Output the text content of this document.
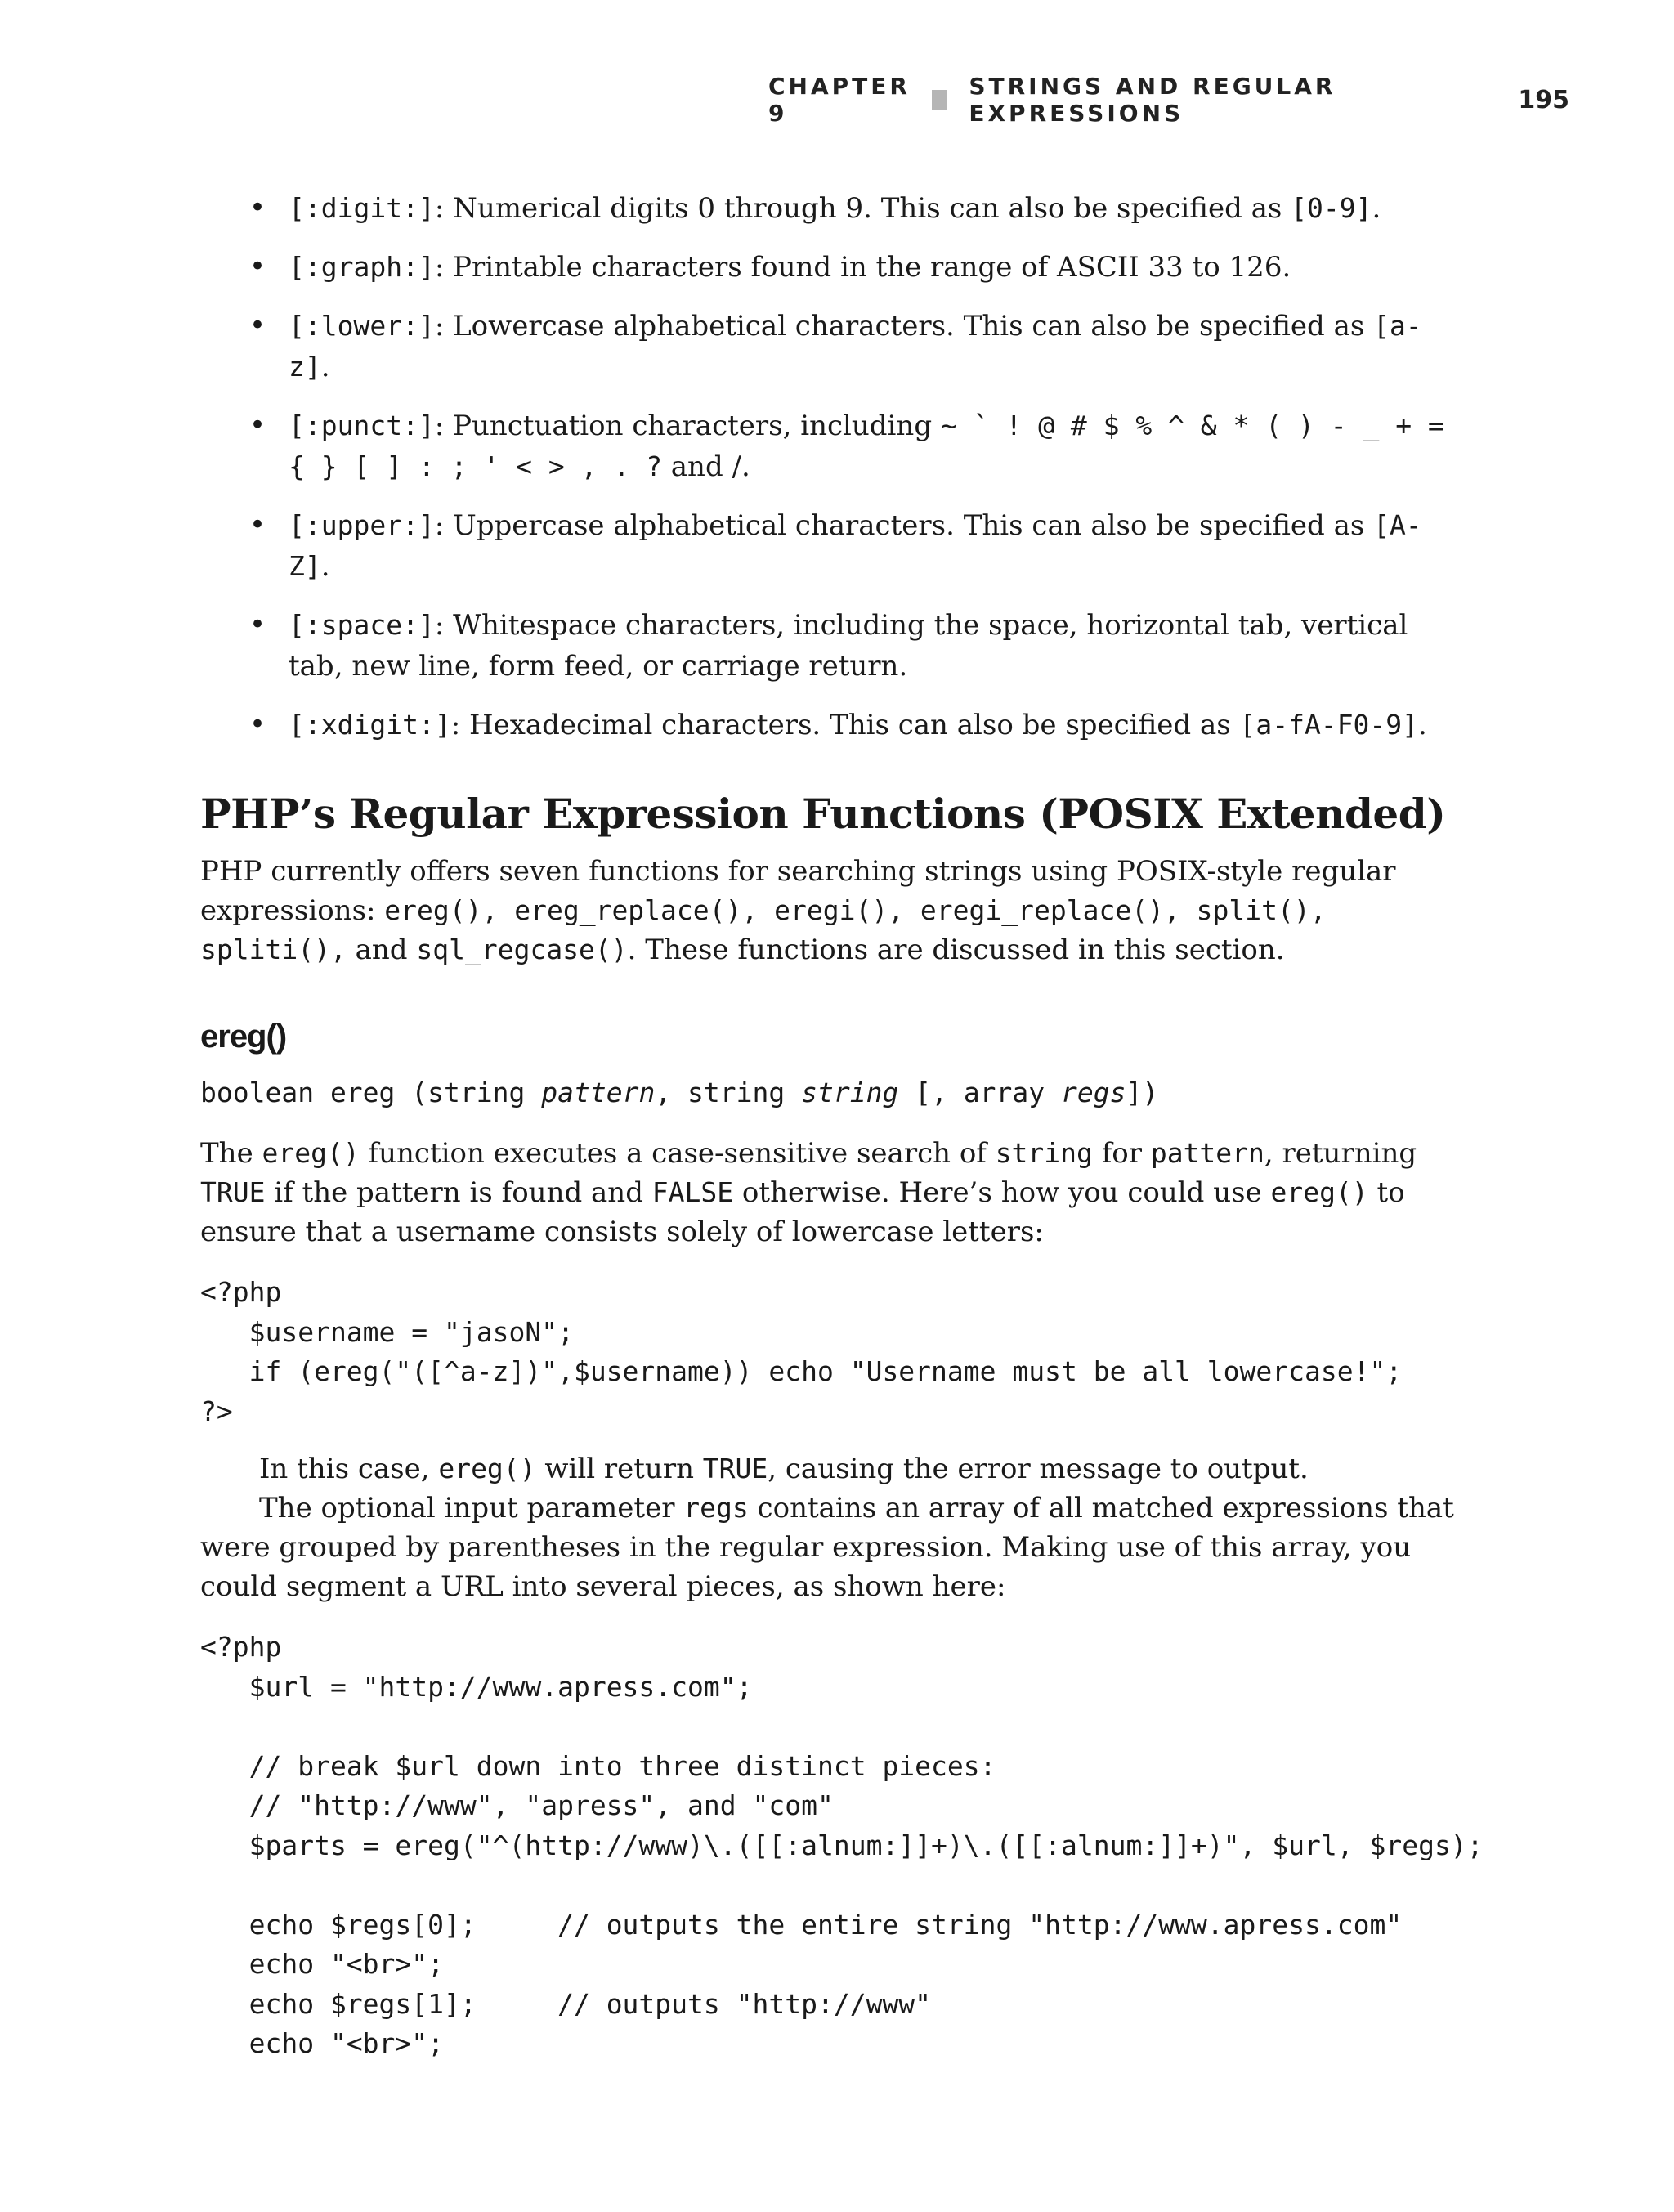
CHAPTER 9
STRINGS AND REGULAR EXPRESSIONS	195
• [:digit:]: Numerical digits 0 through 9. This can also be specified as [0-9].
• [:graph:]: Printable characters found in the range of ASCII 33 to 126.
• [:lower:]: Lowercase alphabetical characters. This can also be specified as [a-z].
• [:punct:]: Punctuation characters, including ~ ` ! @ # $ % ^ & * ( ) - _ + = { } [ ] : ; ' < > , . ? and /.
• [:upper:]: Uppercase alphabetical characters. This can also be specified as [A-Z].
• [:space:]: Whitespace characters, including the space, horizontal tab, vertical tab, new line, form feed, or carriage return.
• [:xdigit:]: Hexadecimal characters. This can also be specified as [a-fA-F0-9].
PHP’s Regular Expression Functions (POSIX Extended)

PHP currently offers seven functions for searching strings using POSIX-style regular expressions: ereg(), ereg_replace(), eregi(), eregi_replace(), split(), spliti(), and sql_regcase(). These functions are discussed in this section.

ereg()
boolean ereg (string pattern, string string [, array regs])

The ereg() function executes a case-sensitive search of string for pattern, returning TRUE if the pattern is found and FALSE otherwise. Here’s how you could use ereg() to ensure that a username consists solely of lowercase letters:

<?php
$username = "jasoN";
if (ereg("([^a-z])",$username)) echo "Username must be all lowercase!";
?>

In this case, ereg() will return TRUE, causing the error message to output.

The optional input parameter regs contains an array of all matched expressions that were grouped by parentheses in the regular expression. Making use of this array, you could segment a URL into several pieces, as shown here:

<?php
$url = "http://www.apress.com";

// break $url down into three distinct pieces:
// "http://www", "apress", and "com"
$parts = ereg("^(http://www)\.([[:alnum:]]+)\.([[:alnum:]]+)", $url, $regs);

echo $regs[0];     // outputs the entire string "http://www.apress.com"
echo "<br>";
echo $regs[1];     // outputs "http://www"
echo "<br>";
